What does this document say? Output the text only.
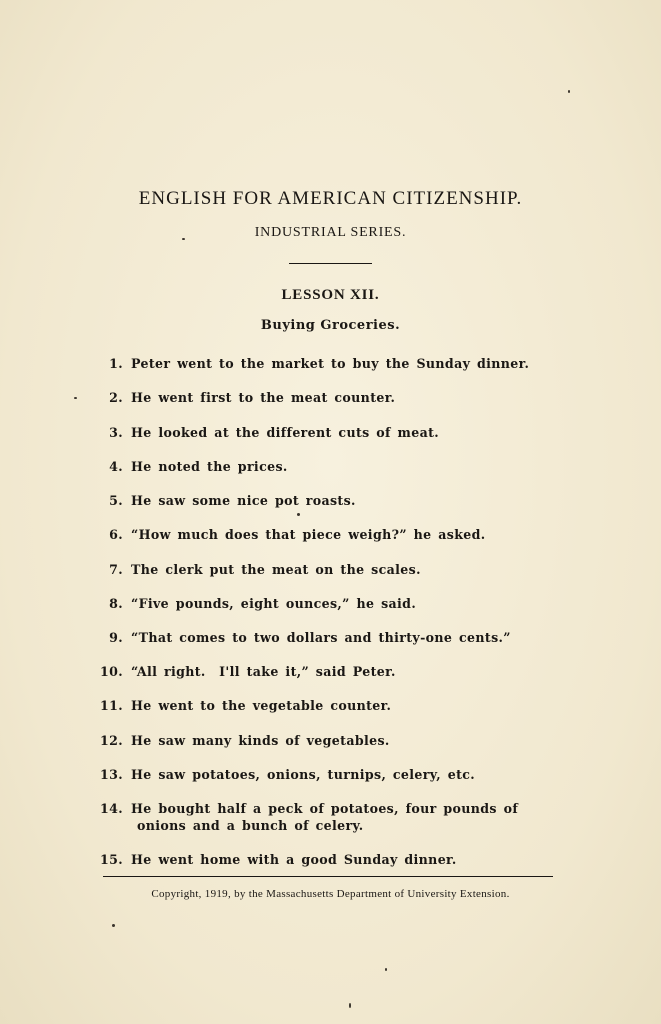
ENGLISH FOR AMERICAN CITIZENSHIP.
INDUSTRIAL SERIES.
LESSON XII.
Buying Groceries.
1. Peter went to the market to buy the Sunday dinner.
2. He went first to the meat counter.
3. He looked at the different cuts of meat.
4. He noted the prices.
5. He saw some nice pot roasts.
6. “How much does that piece weigh?” he asked.
7. The clerk put the meat on the scales.
8. “Five pounds, eight ounces,” he said.
9. “That comes to two dollars and thirty-one cents.”
10. “All right.  I'll take it,” said Peter.
11. He went to the vegetable counter.
12. He saw many kinds of vegetables.
13. He saw potatoes, onions, turnips, celery, etc.
14. He bought half a peck of potatoes, four pounds of
onions and a bunch of celery.
15. He went home with a good Sunday dinner.
Copyright, 1919, by the Massachusetts Department of University Extension.
